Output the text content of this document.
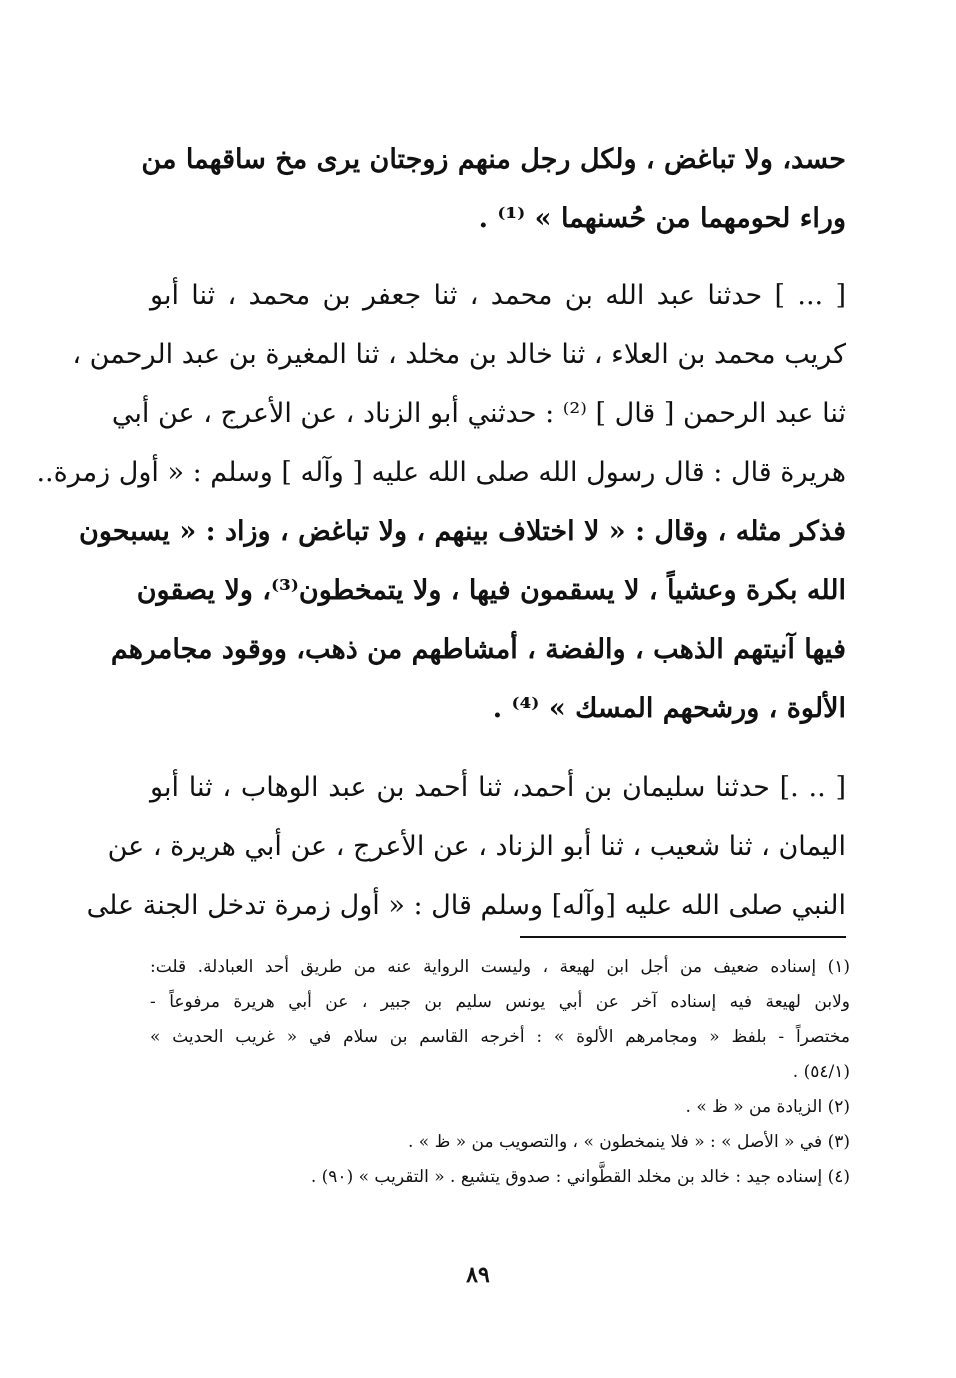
حسد، ولا تباغض ، ولكل رجل منهم زوجتان يرى مخ ساقهما من
وراء لحومهما من حُسنهما » ⁽¹⁾ .
[ ... ] حدثنا عبد الله بن محمد ، ثنا جعفر بن محمد ، ثنا أبو
كريب محمد بن العلاء ، ثنا خالد بن مخلد ، ثنا المغيرة بن عبد الرحمن ،
ثنا عبد الرحمن [ قال ] ⁽²⁾ : حدثني أبو الزناد ، عن الأعرج ، عن أبي
هريرة قال : قال رسول الله صلى الله عليه [ وآله ] وسلم : « أول زمرة..
فذكر مثله ، وقال : « لا اختلاف بينهم ، ولا تباغض ، وزاد : « يسبحون
الله بكرة وعشياً ، لا يسقمون فيها ، ولا يتمخطون⁽³⁾، ولا يصقون
فيها آنيتهم الذهب ، والفضة ، أمشاطهم من ذهب، ووقود مجامرهم
الألوة ، ورشحهم المسك » ⁽⁴⁾ .
[ .. .] حدثنا سليمان بن أحمد، ثنا أحمد بن عبد الوهاب ، ثنا أبو
اليمان ، ثنا شعيب ، ثنا أبو الزناد ، عن الأعرج ، عن أبي هريرة ، عن
النبي صلى الله عليه [وآله] وسلم قال : « أول زمرة تدخل الجنة على
(١) إسناده ضعيف من أجل ابن لهيعة ، وليست الرواية عنه من طريق أحد العبادلة. قلت:
ولابن لهيعة فيه إسناده آخر عن أبي يونس سليم بن جبير ، عن أبي هريرة مرفوعاً -
مختصراً - بلفظ « ومجامرهم الألوة » : أخرجه القاسم بن سلام في « غريب الحديث »
(٥٤/١) .
(٢) الزيادة من « ظ » .
(٣) في « الأصل » : « فلا ينمخطون » ، والتصويب من « ظ » .
(٤) إسناده جيد : خالد بن مخلد القطَّواني : صدوق يتشيع . « التقريب » (٩٠) .
٨٩
